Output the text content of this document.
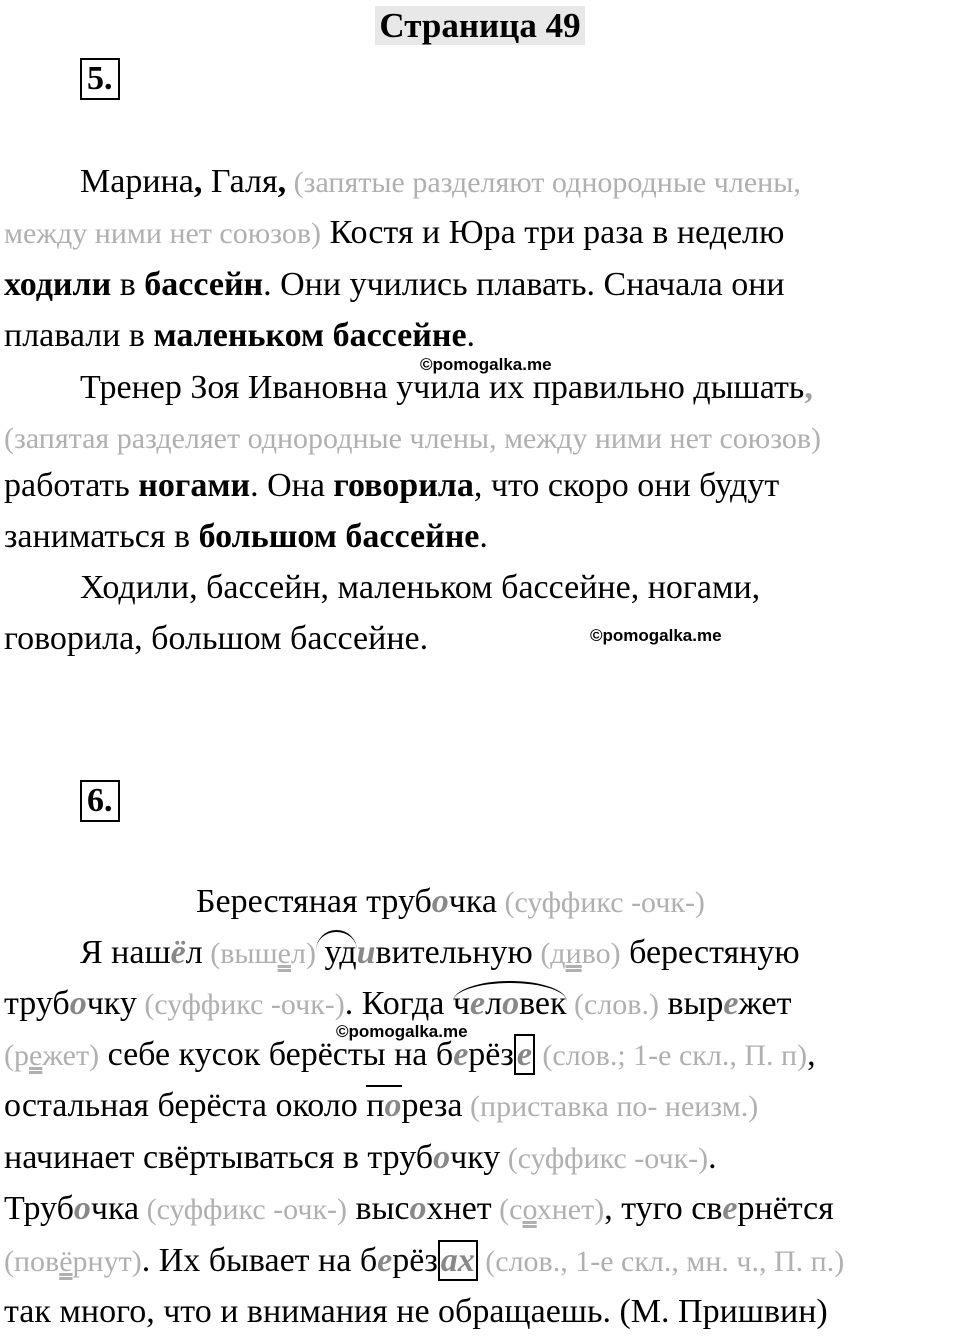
Страница 49
5.
Марина, Галя, (запятые разделяют однородные члены,
между ними нет союзов) Костя и Юра три раза в неделю
ходили в бассейн. Они учились плавать. Сначала они
плавали в маленьком бассейне.
©pomogalka.me
Тренер Зоя Ивановна учила их правильно дышать,
(запятая разделяет однородные члены, между ними нет союзов)
работать ногами. Она говорила, что скоро они будут
заниматься в большом бассейне.
Ходили, бассейн, маленьком бассейне, ногами,
говорила, большом бассейне.	©pomogalka.me
6.
Берестяная трубочка (суффикс -очк-)
Я нашёл (вышел) удивительную (диво) берестяную
трубочку (суффикс -очк-). Когда человек (слов.) вырежет
©pomogalka.me
(режет) себе кусок берёсты на берёзе (слов.; 1-е скл., П. п),
остальная берёста около пореза (приставка по- неизм.)
начинает свёртываться в трубочку (суффикс -очк-).
Трубочка (суффикс -очк-) высохнет (сохнет), туго свернётся
(повёрнут). Их бывает на берёзах (слов., 1-е скл., мн. ч., П. п.)
так много, что и внимания не обращаешь. (М. Пришвин)
